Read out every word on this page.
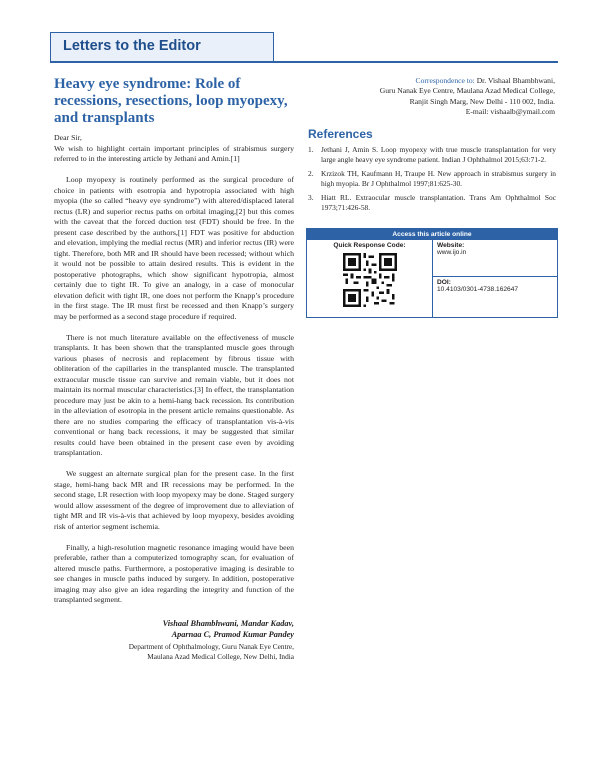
Letters to the Editor
Heavy eye syndrome: Role of recessions, resections, loop myopexy, and transplants
Correspondence to: Dr. Vishaal Bhambhwani,
Guru Nanak Eye Centre, Maulana Azad Medical College,
Ranjit Singh Marg, New Delhi - 110 002, India.
E-mail: vishaalb@ymail.com

Dear Sir,

We wish to highlight certain important principles of strabismus surgery referred to in the interesting article by Jethani and Amin.[1]

Loop myopexy is routinely performed as the surgical procedure of choice in patients with esotropia and hypotropia associated with high myopia (the so called “heavy eye syndrome”) with altered/displaced lateral rectus (LR) and superior rectus paths on orbital imaging,[2] but this comes with the caveat that the forced duction test (FDT) should be free. In the present case described by the authors,[1] FDT was positive for abduction and elevation, implying the medial rectus (MR) and inferior rectus (IR) were tight. Therefore, both MR and IR should have been recessed; without which it would not be possible to attain desired results. This is evident in the postoperative photographs, which show significant hypotropia, almost certainly due to tight IR. To give an analogy, in a case of monocular elevation deficit with tight IR, one does not perform the Knapp’s procedure in the first stage. The IR must first be recessed and then Knapp’s surgery may be performed as a second stage procedure if required.

There is not much literature available on the effectiveness of muscle transplants. It has been shown that the transplanted muscle goes through various phases of necrosis and replacement by fibrous tissue with obliteration of the capillaries in the transplanted muscle. The transplanted extraocular muscle tissue can survive and remain viable, but it does not maintain its normal muscular characteristics.[3] In effect, the transplantation procedure may just be akin to a hemi-hang back recession. Its contribution in the alleviation of esotropia in the present article remains questionable. As there are no studies comparing the efficacy of transplantation vis-à-vis conventional or hang back recessions, it may be suggested that similar results could have been obtained in the present case even by avoiding transplantation.

We suggest an alternate surgical plan for the present case. In the first stage, hemi-hang back MR and IR recessions may be performed. In the second stage, LR resection with loop myopexy may be done. Staged surgery would allow assessment of the degree of improvement due to alleviation of tight MR and IR vis-à-vis that achieved by loop myopexy, besides avoiding risk of anterior segment ischemia.

Finally, a high-resolution magnetic resonance imaging would have been preferable, rather than a computerized tomography scan, for evaluation of altered muscle paths. Furthermore, a postoperative imaging is desirable to see changes in muscle paths induced by surgery. In addition, postoperative imaging may also give an idea regarding the integrity and function of the transplanted segment.

Vishaal Bhambhwani, Mandar Kadav,
Aparnaa C, Pramod Kumar Pandey
Department of Ophthalmology, Guru Nanak Eye Centre,
Maulana Azad Medical College, New Delhi, India
References
1.	Jethani J, Amin S. Loop myopexy with true muscle transplantation for very large angle heavy eye syndrome patient. Indian J Ophthalmol 2015;63:71-2.
2.	Krzizok TH, Kaufmann H, Traupe H. New approach in strabismus surgery in high myopia. Br J Ophthalmol 1997;81:625-30.
3.	Hiatt RL. Extraocular muscle transplantation. Trans Am Ophthalmol Soc 1973;71:426-58.
Access this article online
Quick Response Code:	Website:
www.ijo.in
DOI:
10.4103/0301-4738.162647
